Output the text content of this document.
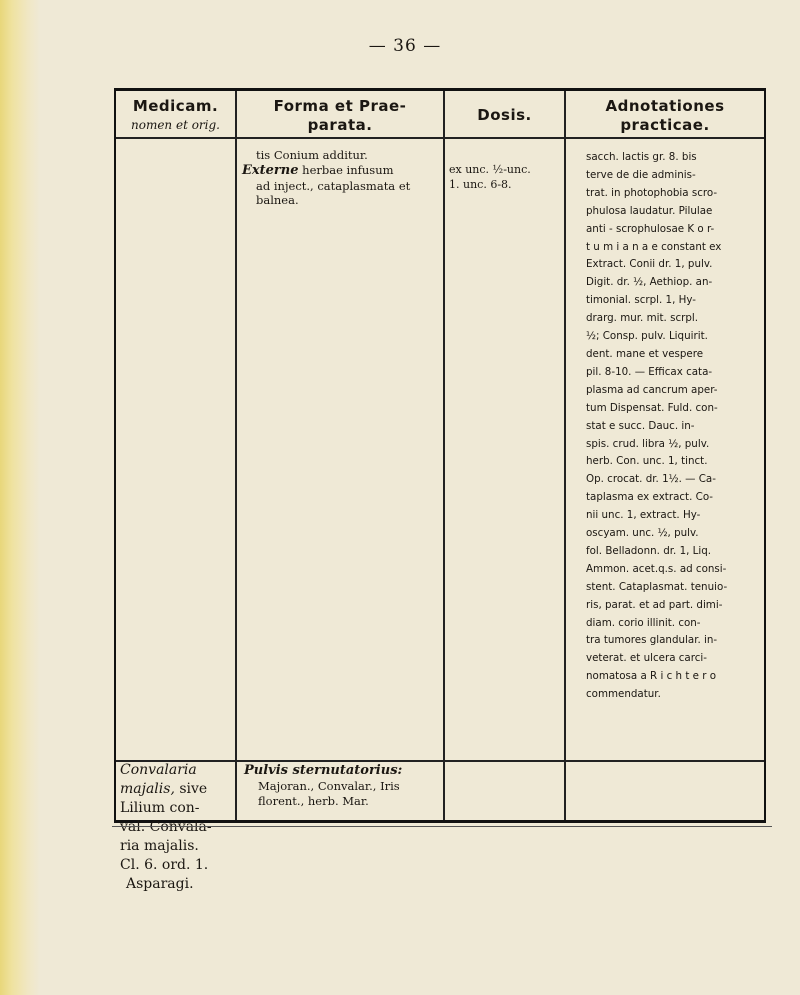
— 36 —
Medicam.
nomen et orig.
Forma et Prae-
parata.
Dosis.	Adnotationes
practicae.
tis Conium additur.
Externe herbae infusum
ad inject., cataplasmata et
balnea.
ex unc. ½-unc.
1. unc. 6-8.
sacch. lactis gr. 8. bis
terve de die adminis-
trat. in photophobia scro-
phulosa laudatur. Pilulae
anti - scrophulosae K o r-
t u m i a n a e constant ex
Extract. Conii dr. 1, pulv.
Digit. dr. ½, Aethiop. an-
timonial. scrpl. 1, Hy-
drarg. mur. mit. scrpl.
½; Consp. pulv. Liquirit.
dent. mane et vespere
pil. 8-10. — Efficax cata-
plasma ad cancrum aper-
tum Dispensat. Fuld. con-
stat e succ. Dauc. in-
spis. crud. libra ½, pulv.
herb. Con. unc. 1, tinct.
Op. crocat. dr. 1½. — Ca-
taplasma ex extract. Co-
nii unc. 1, extract. Hy-
oscyam. unc. ½, pulv.
fol. Belladonn. dr. 1, Liq.
Ammon. acet.q.s. ad consi-
stent. Cataplasmat. tenuio-
ris, parat. et ad part. dimi-
diam. corio illinit. con-
tra tumores glandular. in-
veterat. et ulcera carci-
nomatosa a R i c h t e r o
commendatur.
Convalaria
majalis, sive
Lilium con-
val. Convala-
ria majalis.
Cl. 6. ord. 1.
Asparagi.
Pulvis sternutatorius:
Majoran., Convalar., Iris
florent., herb. Mar.
